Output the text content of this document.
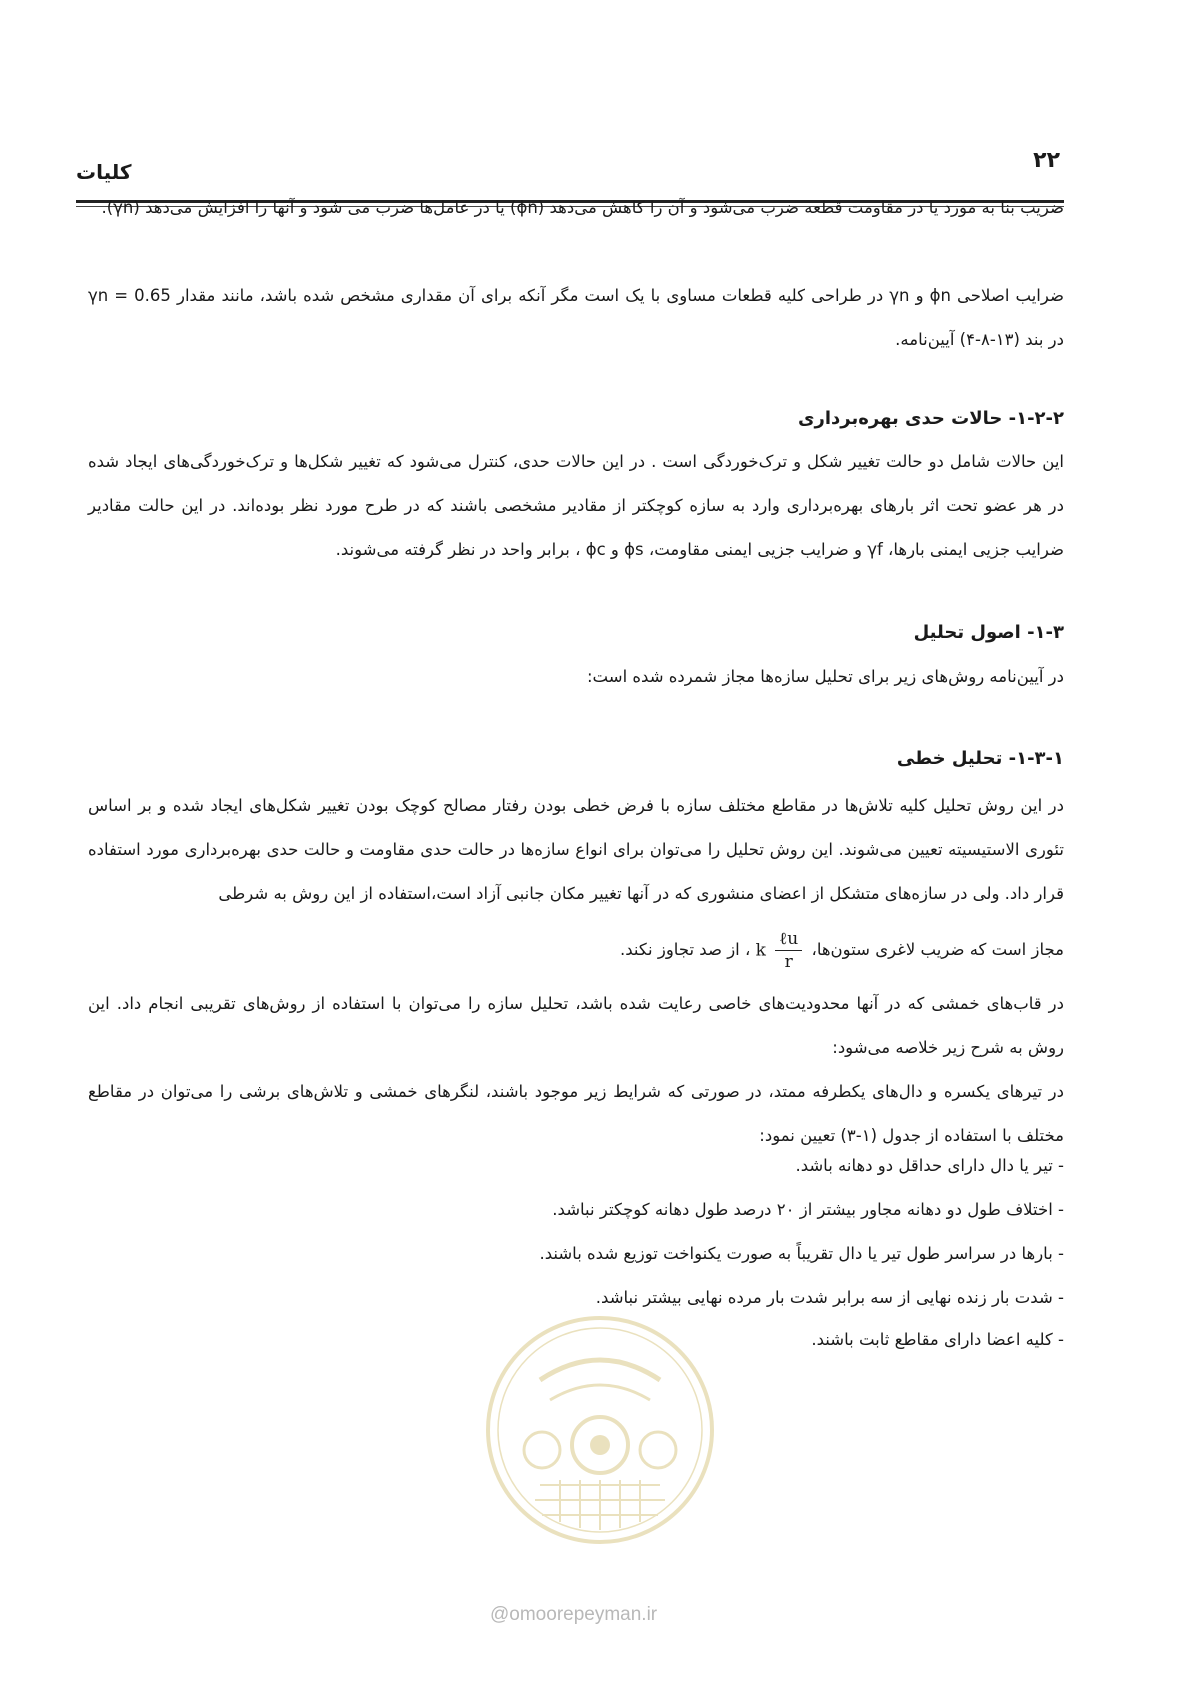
۲۲
کلیات
ضریب بنا به مورد یا در مقاومت قطعه ضرب می‌شود و آن را کاهش می‌دهد (ϕn) یا در عامل‌ها ضرب می شود و آنها را افزایش می‌دهد (γn).
ضرایب اصلاحی ϕn و γn در طراحی کلیه قطعات مساوی با یک است مگر آنکه برای آن مقداری مشخص شده باشد، مانند مقدار γn = 0.65 در بند (۱۳-۸-۴) آیین‌نامه.
۱-۲-۲- حالات حدی بهره‌برداری
این حالات شامل دو حالت تغییر شکل و ترک‌خوردگی است . در این حالات حدی، کنترل می‌شود که تغییر شکل‌ها و ترک‌خوردگی‌های ایجاد شده در هر عضو تحت اثر بارهای بهره‌برداری وارد به سازه کوچکتر از مقادیر مشخصی باشند که در طرح مورد نظر بوده‌اند. در این حالت مقادیر ضرایب جزیی ایمنی بارها، γf و ضرایب جزیی ایمنی مقاومت، ϕs و ϕc ، برابر واحد در نظر گرفته می‌شوند.
۱-۳- اصول تحلیل
در آیین‌نامه روش‌های زیر برای تحلیل سازه‌ها مجاز شمرده شده است:
۱-۳-۱- تحلیل خطی
در این روش تحلیل کلیه تلاش‌ها در مقاطع مختلف سازه با فرض خطی بودن رفتار مصالح کوچک بودن تغییر شکل‌های ایجاد شده و بر اساس تئوری الاستیسیته تعیین می‌شوند. این روش تحلیل را می‌توان برای انواع سازه‌ها در حالت حدی مقاومت و حالت حدی بهره‌برداری مورد استفاده قرار داد. ولی در سازه‌های متشکل از اعضای منشوری که در آنها تغییر مکان جانبی آزاد است،استفاده از این روش به شرطی
مجاز است که ضریب لاغری ستون‌ها، k $\frac{\text{ℓu}}{r}$
، از صد تجاوز نکند.
در قاب‌های خمشی که در آنها محدودیت‌های خاصی رعایت شده باشد، تحلیل سازه را می‌توان با استفاده از روش‌های تقریبی انجام داد. این روش به شرح زیر خلاصه می‌شود:
در تیرهای یکسره و دال‌های یکطرفه ممتد، در صورتی که شرایط زیر موجود باشند، لنگرهای خمشی و تلاش‌های برشی را می‌توان در مقاطع مختلف با استفاده از جدول (۱-۳) تعیین نمود:
- تیر یا دال دارای حداقل دو دهانه باشد.
- اختلاف طول دو دهانه مجاور بیشتر از ۲۰ درصد طول دهانه کوچکتر نباشد.
- بارها در سراسر طول تیر یا دال تقریباً به صورت یکنواخت توزیع شده باشند.
- شدت بار زنده نهایی از سه برابر شدت بار مرده نهایی بیشتر نباشد.
- کلیه اعضا دارای مقاطع ثابت باشند.
@omoorepeyman.ir
